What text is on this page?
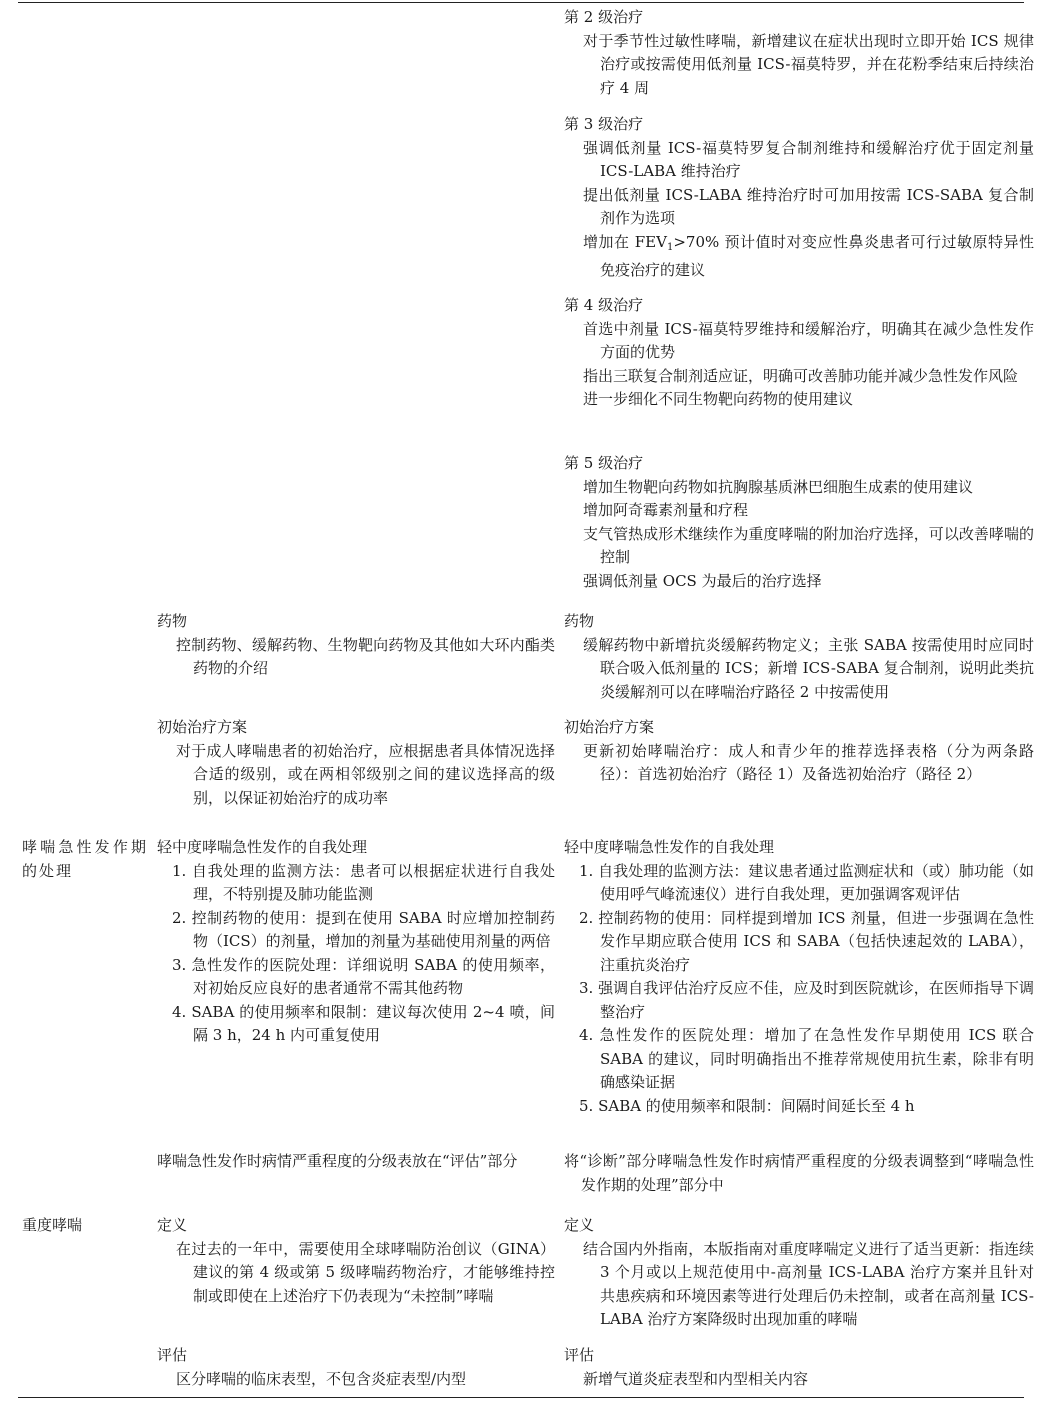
第 2 级治疗
对于季节性过敏性哮喘，新增建议在症状出现时立即开始 ICS 规律治疗或按需使用低剂量 ICS-福莫特罗，并在花粉季结束后持续治疗 4 周
第 3 级治疗
强调低剂量 ICS-福莫特罗复合制剂维持和缓解治疗优于固定剂量 ICS-LABA 维持治疗
提出低剂量 ICS-LABA 维持治疗时可加用按需 ICS-SABA 复合制剂作为选项
增加在 $FEV_1>70\%$ 预计值时对变应性鼻炎患者可行过敏原特异性免疫治疗的建议
第 4 级治疗
首选中剂量 ICS-福莫特罗维持和缓解治疗，明确其在减少急性发作方面的优势
指出三联复合制剂适应证，明确可改善肺功能并减少急性发作风险
进一步细化不同生物靶向药物的使用建议
第 5 级治疗
增加生物靶向药物如抗胸腺基质淋巴细胞生成素的使用建议
增加阿奇霉素剂量和疗程
支气管热成形术继续作为重度哮喘的附加治疗选择，可以改善哮喘的控制
强调低剂量 OCS 为最后的治疗选择
药物
控制药物、缓解药物、生物靶向药物及其他如大环内酯类药物的介绍
药物
缓解药物中新增抗炎缓解药物定义；主张 SABA 按需使用时应同时联合吸入低剂量的 ICS；新增 ICS-SABA 复合制剂，说明此类抗炎缓解剂可以在哮喘治疗路径 2 中按需使用
初始治疗方案
对于成人哮喘患者的初始治疗，应根据患者具体情况选择合适的级别，或在两相邻级别之间的建议选择高的级别，以保证初始治疗的成功率
初始治疗方案
更新初始哮喘治疗：成人和青少年的推荐选择表格（分为两条路径）：首选初始治疗（路径 1）及备选初始治疗（路径 2）
哮喘急性发作期的处理
轻中度哮喘急性发作的自我处理
1. 自我处理的监测方法：患者可以根据症状进行自我处理，不特别提及肺功能监测
2. 控制药物的使用：提到在使用 SABA 时应增加控制药物（ICS）的剂量，增加的剂量为基础使用剂量的两倍
3. 急性发作的医院处理：详细说明 SABA 的使用频率，对初始反应良好的患者通常不需其他药物
4. SABA 的使用频率和限制：建议每次使用 2~4 喷，间隔 3 h，24 h 内可重复使用
轻中度哮喘急性发作的自我处理
1. 自我处理的监测方法：建议患者通过监测症状和（或）肺功能（如使用呼气峰流速仪）进行自我处理，更加强调客观评估
2. 控制药物的使用：同样提到增加 ICS 剂量，但进一步强调在急性发作早期应联合使用 ICS 和 SABA（包括快速起效的 LABA），注重抗炎治疗
3. 强调自我评估治疗反应不佳，应及时到医院就诊，在医师指导下调整治疗
4. 急性发作的医院处理：增加了在急性发作早期使用 ICS 联合 SABA 的建议，同时明确指出不推荐常规使用抗生素，除非有明确感染证据
5. SABA 的使用频率和限制：间隔时间延长至 4 h
哮喘急性发作时病情严重程度的分级表放在“评估”部分	将“诊断”部分哮喘急性发作时病情严重程度的分级表调整到“哮喘急性发作期的处理”部分中
重度哮喘	定义
在过去的一年中，需要使用全球哮喘防治创议（GINA）建议的第 4 级或第 5 级哮喘药物治疗，才能够维持控制或即使在上述治疗下仍表现为“未控制”哮喘
定义
结合国内外指南，本版指南对重度哮喘定义进行了适当更新：指连续 3 个月或以上规范使用中-高剂量 ICS-LABA 治疗方案并且针对共患疾病和环境因素等进行处理后仍未控制，或者在高剂量 ICS-LABA 治疗方案降级时出现加重的哮喘
评估
区分哮喘的临床表型，不包含炎症表型/内型
评估
新增气道炎症表型和内型相关内容
